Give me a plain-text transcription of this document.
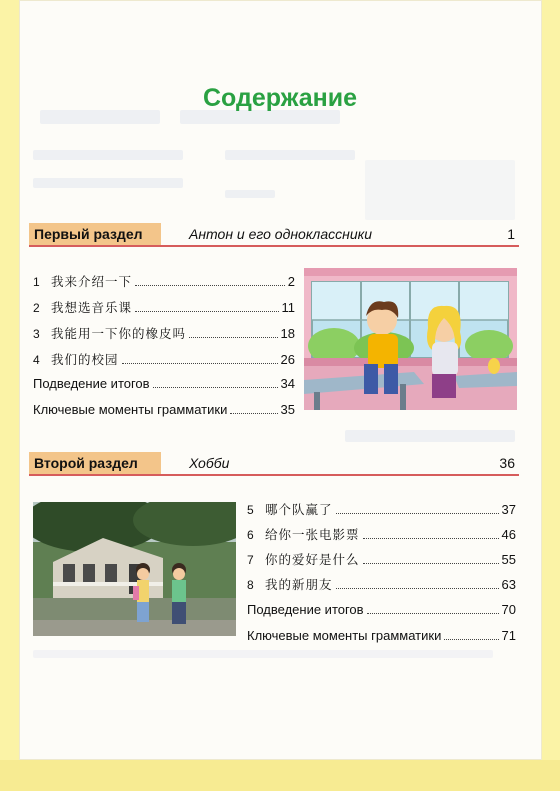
Содержание
Первый раздел	Антон и его одноклассники	1
1 我来介绍一下	2
2 我想选音乐课	11
3 我能用一下你的橡皮吗	18
4 我们的校园	26
Подведение итогов	34
Ключевые моменты грамматики	35
Второй раздел	Хобби	36
5 哪个队赢了	37
6 给你一张电影票	46
7 你的爱好是什么	55
8 我的新朋友	63
Подведение итогов	70
Ключевые моменты грамматики	71
